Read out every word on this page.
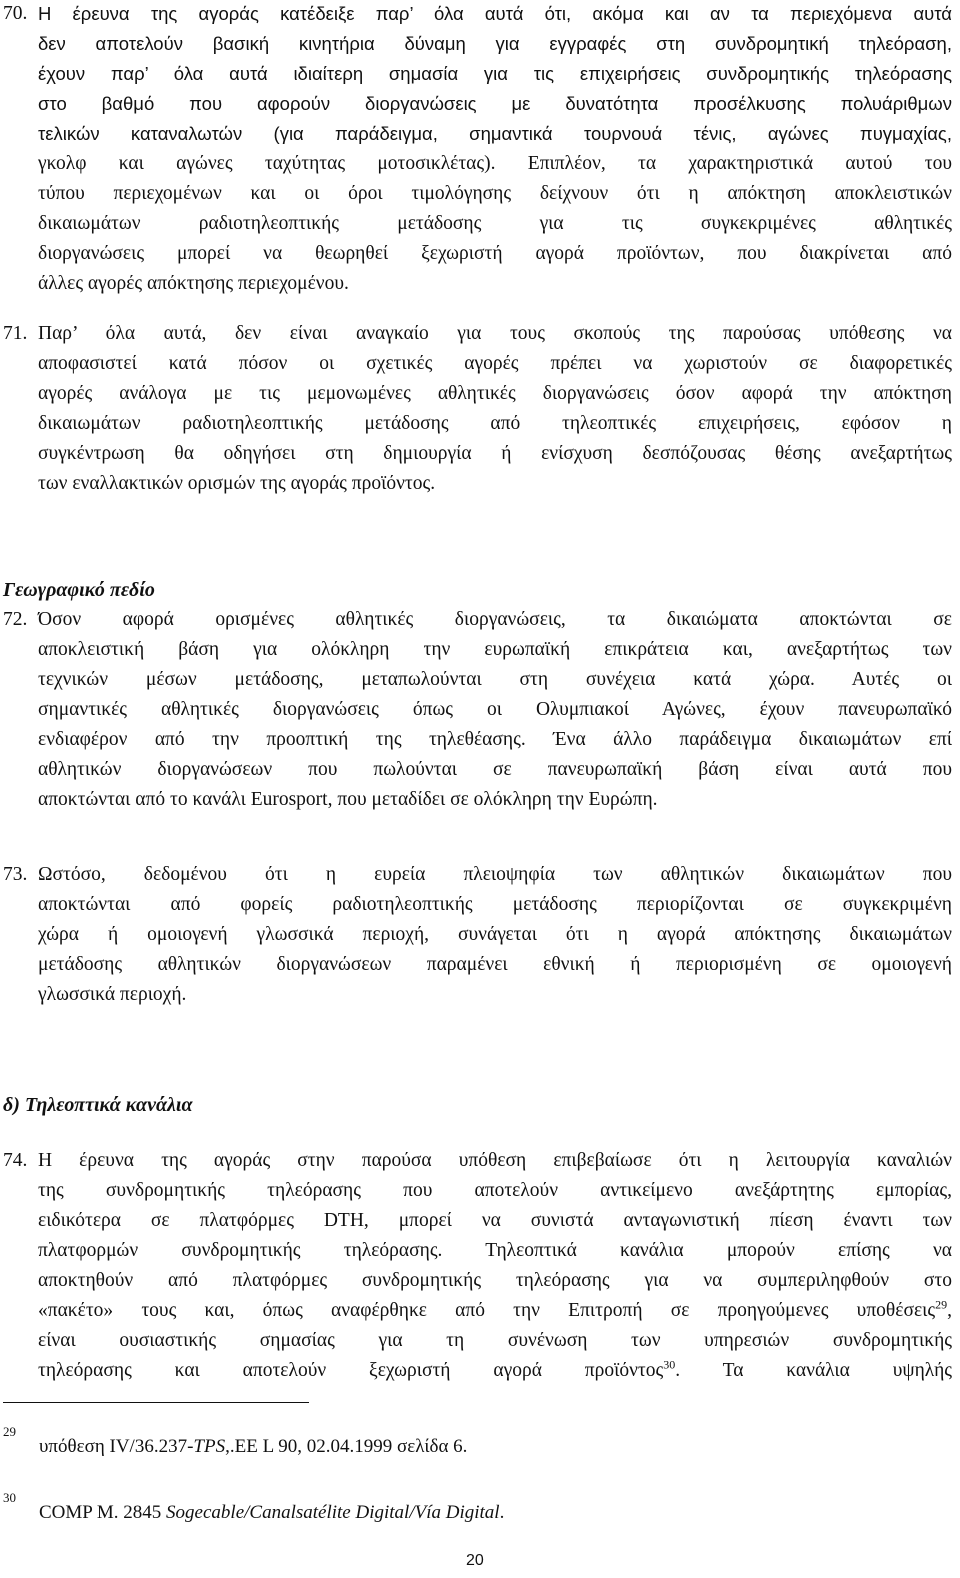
70. Η έρευνα της αγοράς κατέδειξε παρ’ όλα αυτά ότι, ακόμα και αν τα περιεχόμενα αυτά
δεν αποτελούν βασική κινητήρια δύναμη για εγγραφές στη συνδρομητική τηλεόραση,
έχουν παρ’ όλα αυτά ιδιαίτερη σημασία για τις επιχειρήσεις συνδρομητικής τηλεόρασης
στο βαθμό που αφορούν διοργανώσεις με δυνατότητα προσέλκυσης πολυάριθμων
τελικών καταναλωτών (για παράδειγμα, σημαντικά τουρνουά τένις, αγώνες πυγμαχίας,
γκολφ και αγώνες ταχύτητας μοτοσικλέτας). Επιπλέον, τα χαρακτηριστικά αυτού του
τύπου περιεχομένων και οι όροι τιμολόγησης δείχνουν ότι η απόκτηση αποκλειστικών
δικαιωμάτων ραδιοτηλεοπτικής μετάδοσης για τις συγκεκριμένες αθλητικές
διοργανώσεις μπορεί να θεωρηθεί ξεχωριστή αγορά προϊόντων, που διακρίνεται από
άλλες αγορές απόκτησης περιεχομένου.
71. Παρ’ όλα αυτά, δεν είναι αναγκαίο για τους σκοπούς της παρούσας υπόθεσης να
αποφασιστεί κατά πόσον οι σχετικές αγορές πρέπει να χωριστούν σε διαφορετικές
αγορές ανάλογα με τις μεμονωμένες αθλητικές διοργανώσεις όσον αφορά την απόκτηση
δικαιωμάτων ραδιοτηλεοπτικής μετάδοσης από τηλεοπτικές επιχειρήσεις, εφόσον η
συγκέντρωση θα οδηγήσει στη δημιουργία ή ενίσχυση δεσπόζουσας θέσης ανεξαρτήτως
των εναλλακτικών ορισμών της αγοράς προϊόντος.
Γεωγραφικό πεδίο
72. Όσον αφορά ορισμένες αθλητικές διοργανώσεις, τα δικαιώματα αποκτώνται σε
αποκλειστική βάση για ολόκληρη την ευρωπαϊκή επικράτεια και, ανεξαρτήτως των
τεχνικών μέσων μετάδοσης, μεταπωλούνται στη συνέχεια κατά χώρα. Αυτές οι
σημαντικές αθλητικές διοργανώσεις όπως οι Ολυμπιακοί Αγώνες, έχουν πανευρωπαϊκό
ενδιαφέρον από την προοπτική της τηλεθέασης. Ένα άλλο παράδειγμα δικαιωμάτων επί
αθλητικών διοργανώσεων που πωλούνται σε πανευρωπαϊκή βάση είναι αυτά που
αποκτώνται από το κανάλι Eurosport, που μεταδίδει σε ολόκληρη την Ευρώπη.
73. Ωστόσο, δεδομένου ότι η ευρεία πλειοψηφία των αθλητικών δικαιωμάτων που
αποκτώνται από φορείς ραδιοτηλεοπτικής μετάδοσης περιορίζονται σε συγκεκριμένη
χώρα ή ομοιογενή γλωσσικά περιοχή, συνάγεται ότι η αγορά απόκτησης δικαιωμάτων
μετάδοσης αθλητικών διοργανώσεων παραμένει εθνική ή περιορισμένη σε ομοιογενή
γλωσσικά περιοχή.
δ) Τηλεοπτικά κανάλια
74. Η έρευνα της αγοράς στην παρούσα υπόθεση επιβεβαίωσε ότι η λειτουργία καναλιών
της συνδρομητικής τηλεόρασης που αποτελούν αντικείμενο ανεξάρτητης εμπορίας,
ειδικότερα σε πλατφόρμες DTH, μπορεί να συνιστά ανταγωνιστική πίεση έναντι των
πλατφορμών συνδρομητικής τηλεόρασης. Τηλεοπτικά κανάλια μπορούν επίσης να
αποκτηθούν από πλατφόρμες συνδρομητικής τηλεόρασης για να συμπεριληφθούν στο
«πακέτο» τους και, όπως αναφέρθηκε από την Επιτροπή σε προηγούμενες υποθέσεις$^{29}$,
είναι ουσιαστικής σημασίας για τη συνένωση των υπηρεσιών συνδρομητικής
τηλεόρασης και αποτελούν ξεχωριστή αγορά προϊόντος$^{30}$. Τα κανάλια υψηλής
29
υπόθεση IV/36.237-TPS,.ΕΕ L 90, 02.04.1999 σελίδα 6.
30
COMP M. 2845 Sogecable/Canalsatélite Digital/Vía Digital.
20
